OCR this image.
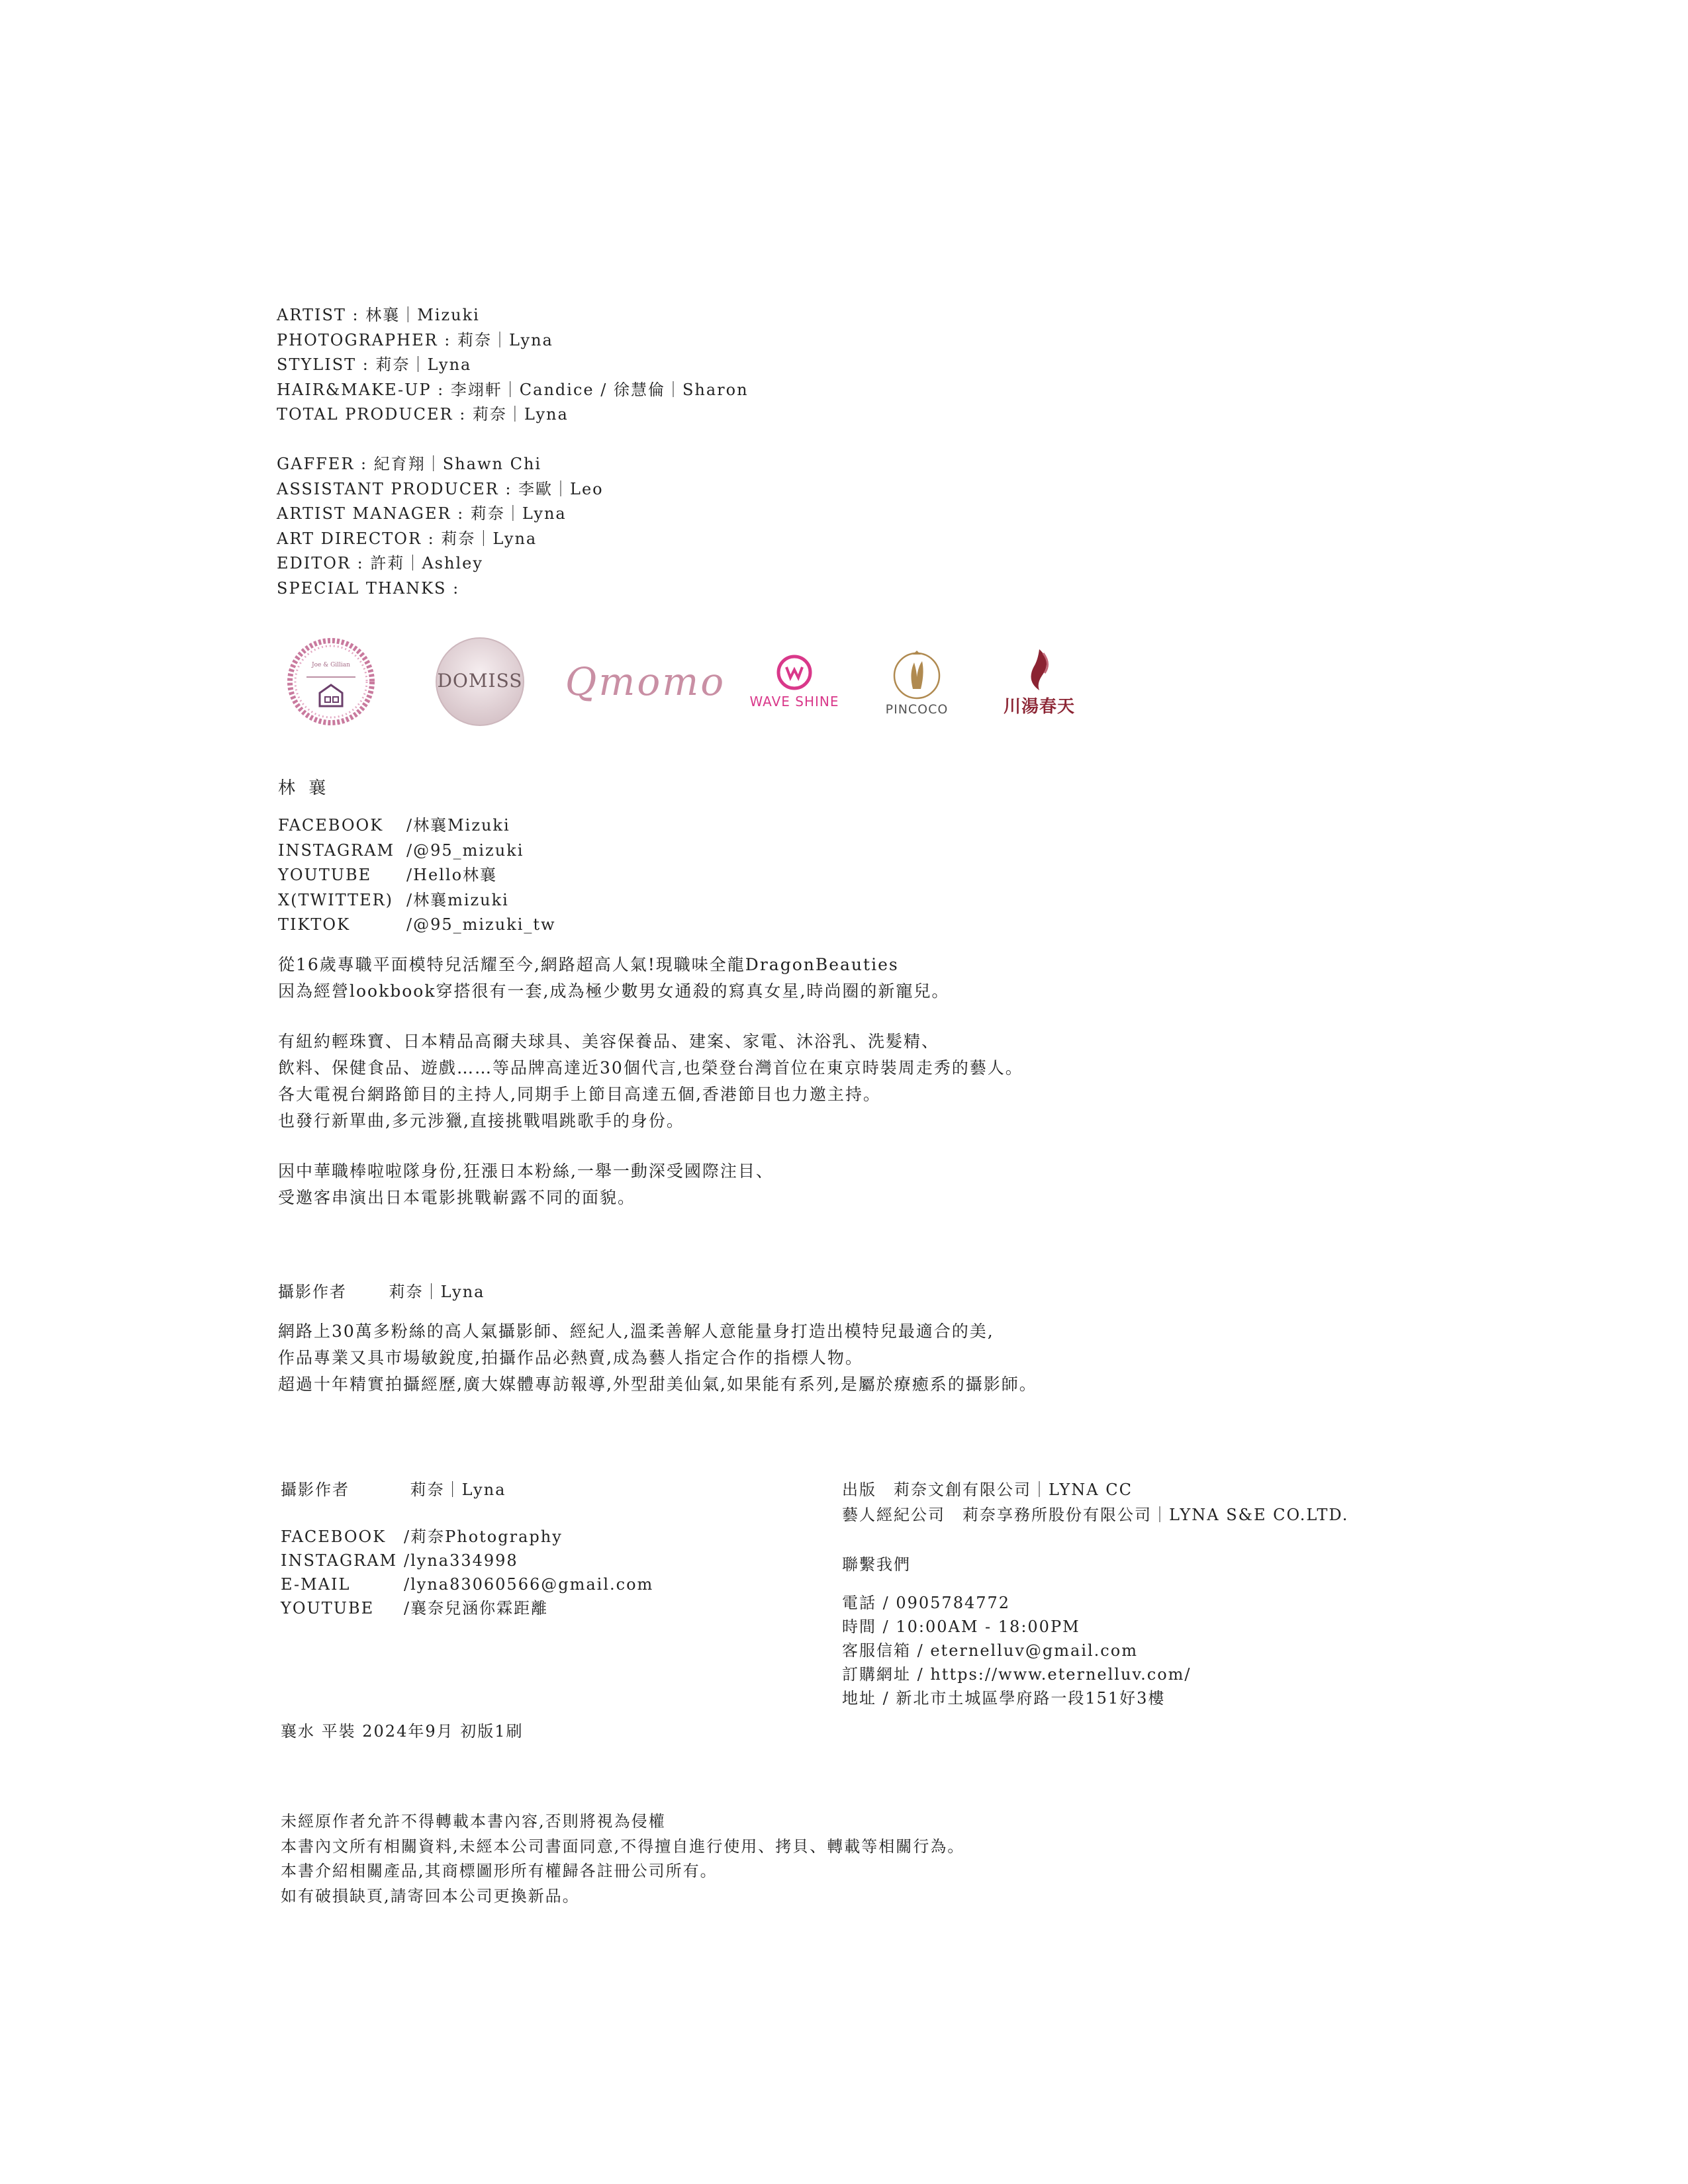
ARTIST : 林襄｜Mizuki
PHOTOGRAPHER : 莉奈｜Lyna
STYLIST : 莉奈｜Lyna
HAIR&MAKE-UP : 李翊軒｜Candice / 徐慧倫｜Sharon
TOTAL PRODUCER : 莉奈｜Lyna
GAFFER : 紀育翔｜Shawn Chi
ASSISTANT PRODUCER : 李歐｜Leo
ARTIST MANAGER : 莉奈｜Lyna
ART DIRECTOR : 莉奈｜Lyna
EDITOR : 許莉｜Ashley
SPECIAL THANKS :
Joe & Gillian
DOMISS Qmomo WAVE SHINE	PINCOCO	川湯春天
林 襄
FACEBOOK	/林襄Mizuki
INSTAGRAM /@95_mizuki
YOUTUBE	/Hello林襄
X(TWITTER) /林襄mizuki
TIKTOK	/@95_mizuki_tw
從16歲專職平面模特兒活耀至今,網路超高人氣!現職味全龍DragonBeauties
因為經營lookbook穿搭很有一套,成為極少數男女通殺的寫真女星,時尚圈的新寵兒。
有紐約輕珠寶、日本精品高爾夫球具、美容保養品、建案、家電、沐浴乳、洗髮精、
飲料、保健食品、遊戲……等品牌高達近30個代言,也榮登台灣首位在東京時裝周走秀的藝人。
各大電視台網路節目的主持人,同期手上節目高達五個,香港節目也力邀主持。
也發行新單曲,多元涉獵,直接挑戰唱跳歌手的身份。
因中華職棒啦啦隊身份,狂漲日本粉絲,一舉一動深受國際注目、
受邀客串演出日本電影挑戰嶄露不同的面貌。
攝影作者	莉奈｜Lyna
網路上30萬多粉絲的高人氣攝影師、經紀人,溫柔善解人意能量身打造出模特兒最適合的美,
作品專業又具市場敏銳度,拍攝作品必熱賣,成為藝人指定合作的指標人物。
超過十年精實拍攝經歷,廣大媒體專訪報導,外型甜美仙氣,如果能有系列,是屬於療癒系的攝影師。
攝影作者	莉奈｜Lyna
FACEBOOK	/莉奈Photography
INSTAGRAM /lyna334998
E-MAIL	/lyna83060566@gmail.com
YOUTUBE	/襄奈兒涵你霖距離
襄水 平裝 2024年9月 初版1刷
出版　莉奈文創有限公司｜LYNA CC
藝人經紀公司　莉奈享務所股份有限公司｜LYNA S&E CO.LTD.
聯繫我們
電話 / 0905784772
時間 / 10:00AM - 18:00PM
客服信箱 / eternelluv@gmail.com
訂購網址 / https://www.eternelluv.com/
地址 / 新北市土城區學府路一段151好3樓
未經原作者允許不得轉載本書內容,否則將視為侵權
本書內文所有相關資料,未經本公司書面同意,不得擅自進行使用、拷貝、轉載等相關行為。
本書介紹相關產品,其商標圖形所有權歸各註冊公司所有。
如有破損缺頁,請寄回本公司更換新品。
